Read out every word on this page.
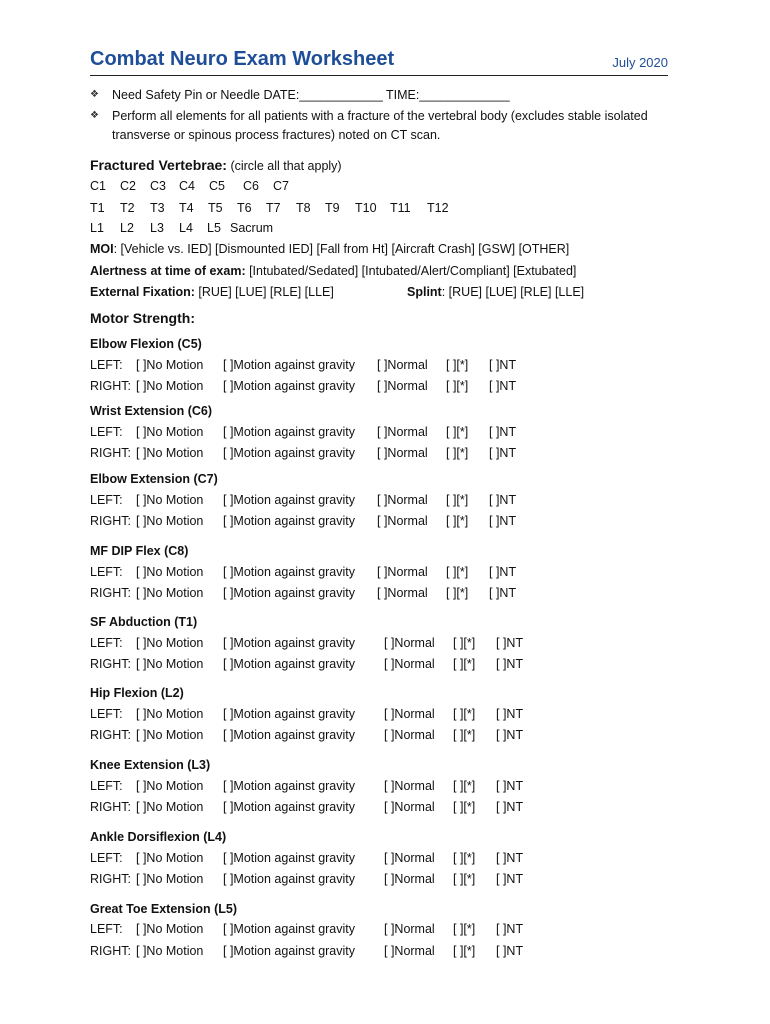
Combat Neuro Exam Worksheet	July 2020
❖ Need Safety Pin or Needle DATE:____________ TIME:_____________
❖ Perform all elements for all patients with a fracture of the vertebral body (excludes stable isolated
transverse or spinous process fractures) noted on CT scan.
Fractured Vertebrae: (circle all that apply)
C1 C2 C3 C4 C5 C6 C7
T1 T2 T3 T4 T5 T6 T7 T8 T9 T10 T11 T12
L1 L2 L3 L4 L5 Sacrum
MOI: [Vehicle vs. IED] [Dismounted IED] [Fall from Ht] [Aircraft Crash] [GSW] [OTHER]
Alertness at time of exam: [Intubated/Sedated] [Intubated/Alert/Compliant] [Extubated]
External Fixation: [RUE] [LUE] [RLE] [LLE]	Splint: [RUE] [LUE] [RLE] [LLE]
Motor Strength:
Elbow Flexion (C5)
LEFT: [ ]No Motion [ ]Motion against gravity [ ]Normal [ ][*] [ ]NT
RIGHT: [ ]No Motion [ ]Motion against gravity [ ]Normal [ ][*] [ ]NT
Wrist Extension (C6)
LEFT: [ ]No Motion [ ]Motion against gravity [ ]Normal [ ][*] [ ]NT
RIGHT: [ ]No Motion [ ]Motion against gravity [ ]Normal [ ][*] [ ]NT
Elbow Extension (C7)
LEFT: [ ]No Motion [ ]Motion against gravity [ ]Normal [ ][*] [ ]NT
RIGHT: [ ]No Motion [ ]Motion against gravity [ ]Normal [ ][*] [ ]NT
MF DIP Flex (C8)
LEFT: [ ]No Motion [ ]Motion against gravity [ ]Normal [ ][*] [ ]NT
RIGHT: [ ]No Motion [ ]Motion against gravity [ ]Normal [ ][*] [ ]NT
SF Abduction (T1)
LEFT: [ ]No Motion [ ]Motion against gravity [ ]Normal [ ][*] [ ]NT
RIGHT: [ ]No Motion [ ]Motion against gravity [ ]Normal [ ][*] [ ]NT
Hip Flexion (L2)
LEFT: [ ]No Motion [ ]Motion against gravity [ ]Normal [ ][*] [ ]NT
RIGHT: [ ]No Motion [ ]Motion against gravity [ ]Normal [ ][*] [ ]NT
Knee Extension (L3)
LEFT: [ ]No Motion [ ]Motion against gravity [ ]Normal [ ][*] [ ]NT
RIGHT: [ ]No Motion [ ]Motion against gravity [ ]Normal [ ][*] [ ]NT
Ankle Dorsiflexion (L4)
LEFT: [ ]No Motion [ ]Motion against gravity [ ]Normal [ ][*] [ ]NT
RIGHT: [ ]No Motion [ ]Motion against gravity [ ]Normal [ ][*] [ ]NT
Great Toe Extension (L5)
LEFT: [ ]No Motion [ ]Motion against gravity [ ]Normal [ ][*] [ ]NT
RIGHT: [ ]No Motion [ ]Motion against gravity [ ]Normal [ ][*] [ ]NT
